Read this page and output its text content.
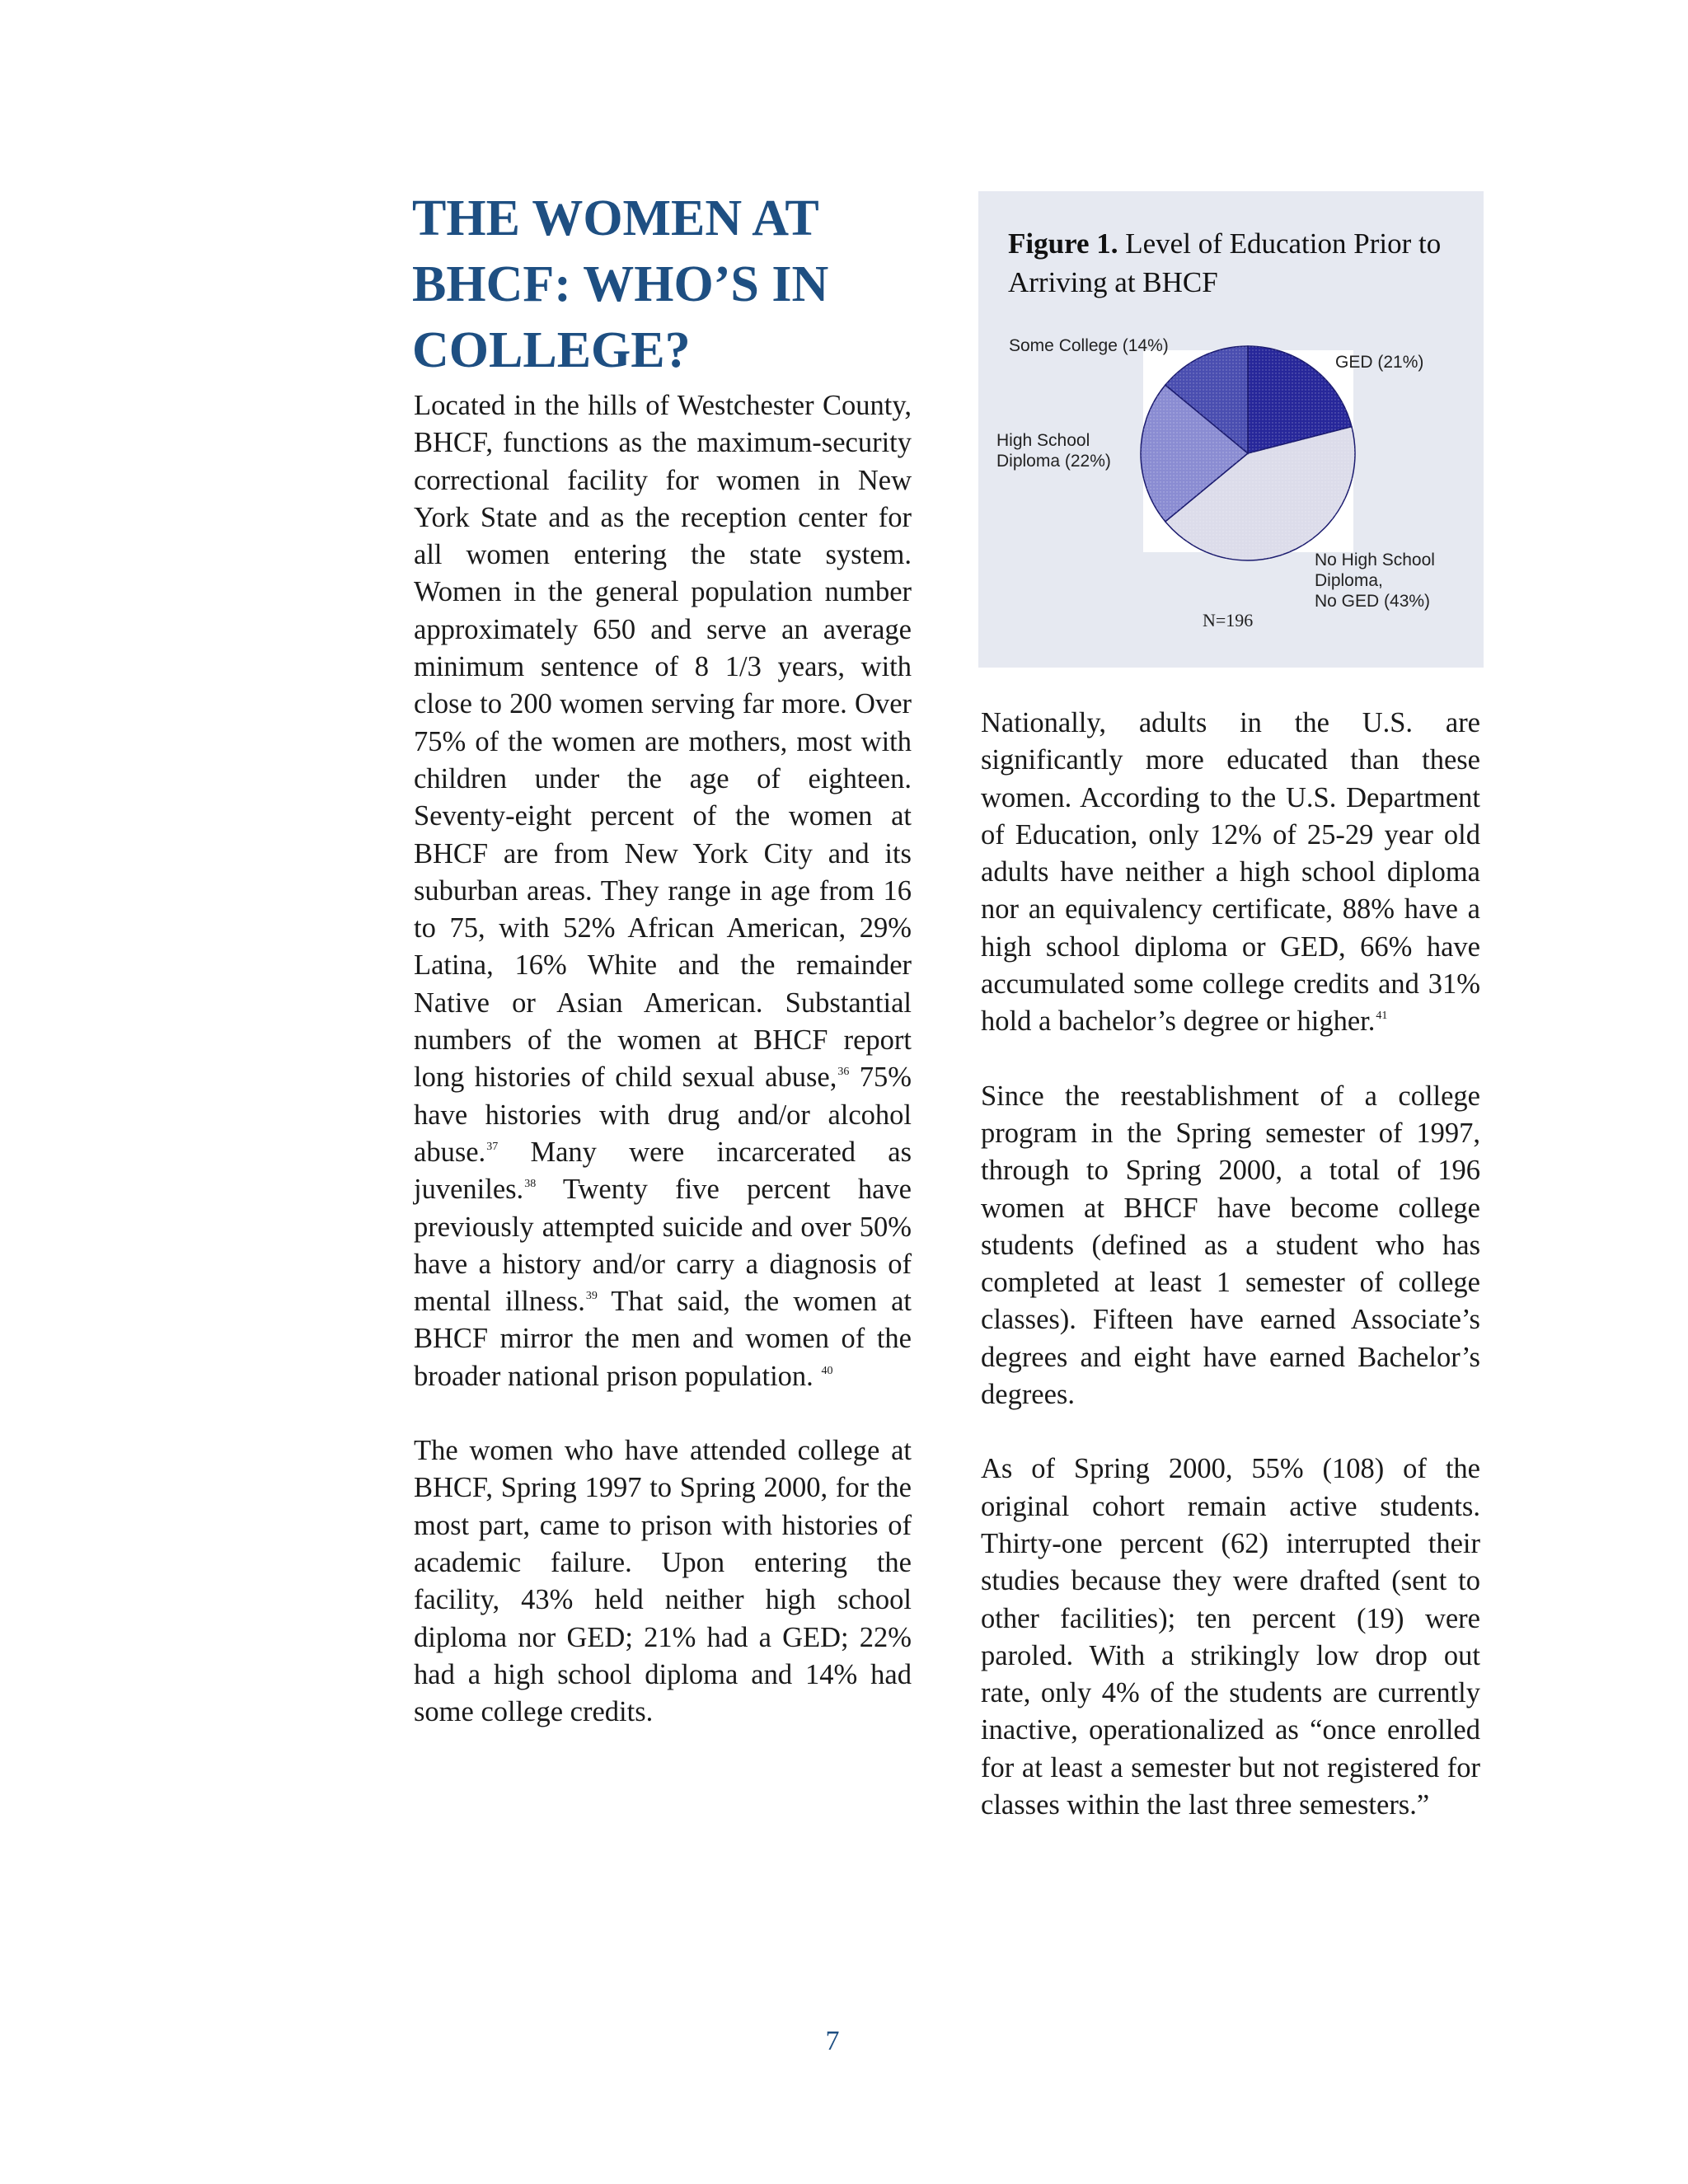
THE WOMEN AT BHCF: WHO’S IN COLLEGE?

Located in the hills of Westchester County, BHCF, functions as the maximum-security correctional facility for women in New York State and as the reception center for all women entering the state system. Women in the general population number approximately 650 and serve an average minimum sentence of 8 1/3 years, with close to 200 women serving far more. Over 75% of the women are mothers, most with children under the age of eighteen. Seventy-eight percent of the women at BHCF are from New York City and its suburban areas. They range in age from 16 to 75, with 52% African American, 29% Latina, 16% White and the remainder Native or Asian American. Substantial numbers of the women at BHCF report long histories of child sexual abuse,$^{36}$ 75% have histories with drug and/or alcohol abuse.$^{37}$ Many were incarcerated as juveniles.$^{38}$ Twenty five percent have previously attempted suicide and over 50% have a history and/or carry a diagnosis of mental illness.$^{39}$ That said, the women at BHCF mirror the men and women of the broader national prison population. $^{40}$

The women who have attended college at BHCF, Spring 1997 to Spring 2000, for the most part, came to prison with histories of academic failure. Upon entering the facility, 43% held neither high school diploma nor GED; 21% had a GED; 22% had a high school diploma and 14% had some college credits.

Figure 1. Level of Education Prior to Arriving at BHCF
Some College (14%)
GED (21%)
High School
Diploma (22%)
No High School
Diploma,
No GED (43%)
N=196

Nationally, adults in the U.S. are significantly more educated than these women. According to the U.S. Department of Education, only 12% of 25-29 year old adults have neither a high school diploma nor an equivalency certificate, 88% have a high school diploma or GED, 66% have accumulated some college credits and 31% hold a bachelor’s degree or higher.$^{41}$

Since the reestablishment of a college program in the Spring semester of 1997, through to Spring 2000, a total of 196 women at BHCF have become college students (defined as a student who has completed at least 1 semester of college classes). Fifteen have earned Associate’s degrees and eight have earned Bachelor’s degrees.

As of Spring 2000, 55% (108) of the original cohort remain active students. Thirty-one percent (62) interrupted their studies because they were drafted (sent to other facilities); ten percent (19) were paroled. With a strikingly low drop out rate, only 4% of the students are currently inactive, operationalized as “once enrolled for at least a semester but not registered for classes within the last three semesters.”

7
